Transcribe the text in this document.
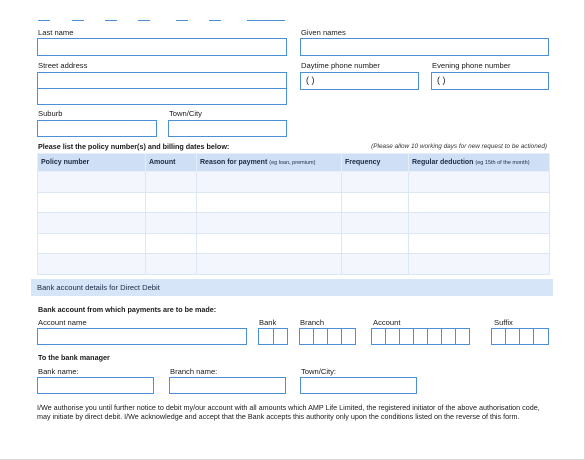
Last name	Given names
Street address	Daytime phone number
( )
Evening phone number
( )
Suburb	Town/City
Please list the policy number(s) and billing dates below:	(Please allow 10 working days for new request to be actioned)
Policy number	Amount	Reason for payment (eg loan, premium)	Frequency	Regular deduction (eg 15th of the month)

Bank account details for Direct Debit
Bank account from which payments are to be made:
Account name	Bank	Branch	Account	Suffix
To the bank manager
Bank name:	Branch name:	Town/City:
I/We authorise you until further notice to debit my/our account with all amounts which AMP Life Limited, the registered initiator of the above authorisation code, may initiate by direct debit. I/We acknowledge and accept that the Bank accepts this authority only upon the conditions listed on the reverse of this form.
